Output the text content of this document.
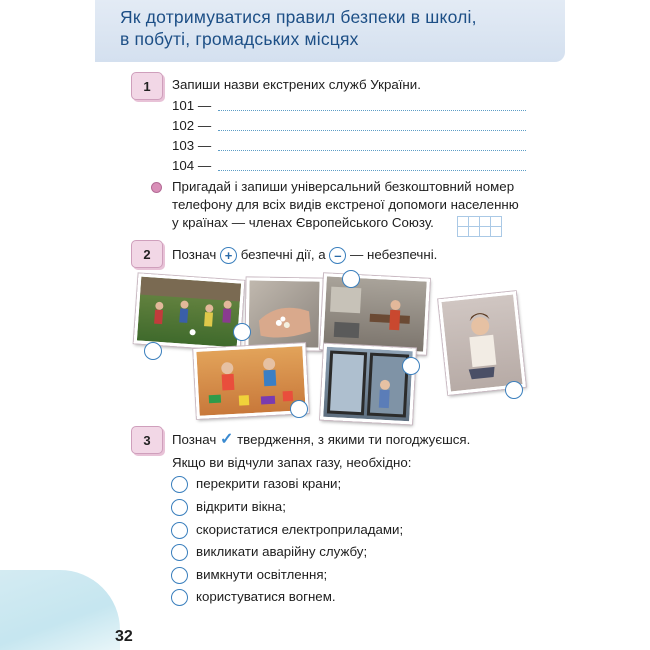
Як дотримуватися правил безпеки в школі,
в побуті, громадських місцях
1	Запиши назви екстрених служб України.
101 —
102 —
103 —
104 —
Пригадай і запиши універсальний безкоштовний номер
телефону для всіх видів екстреної допомоги населенню
у країнах — членах Європейського Союзу.
2	Познач + безпечні дії, а – — небезпечні.
3	Познач ✓ твердження, з якими ти погоджуєшся.
Якщо ви відчули запах газу, необхідно:
перекрити газові крани;
відкрити вікна;
скористатися електроприладами;
викликати аварійну службу;
вимкнути освітлення;
користуватися вогнем.
32
